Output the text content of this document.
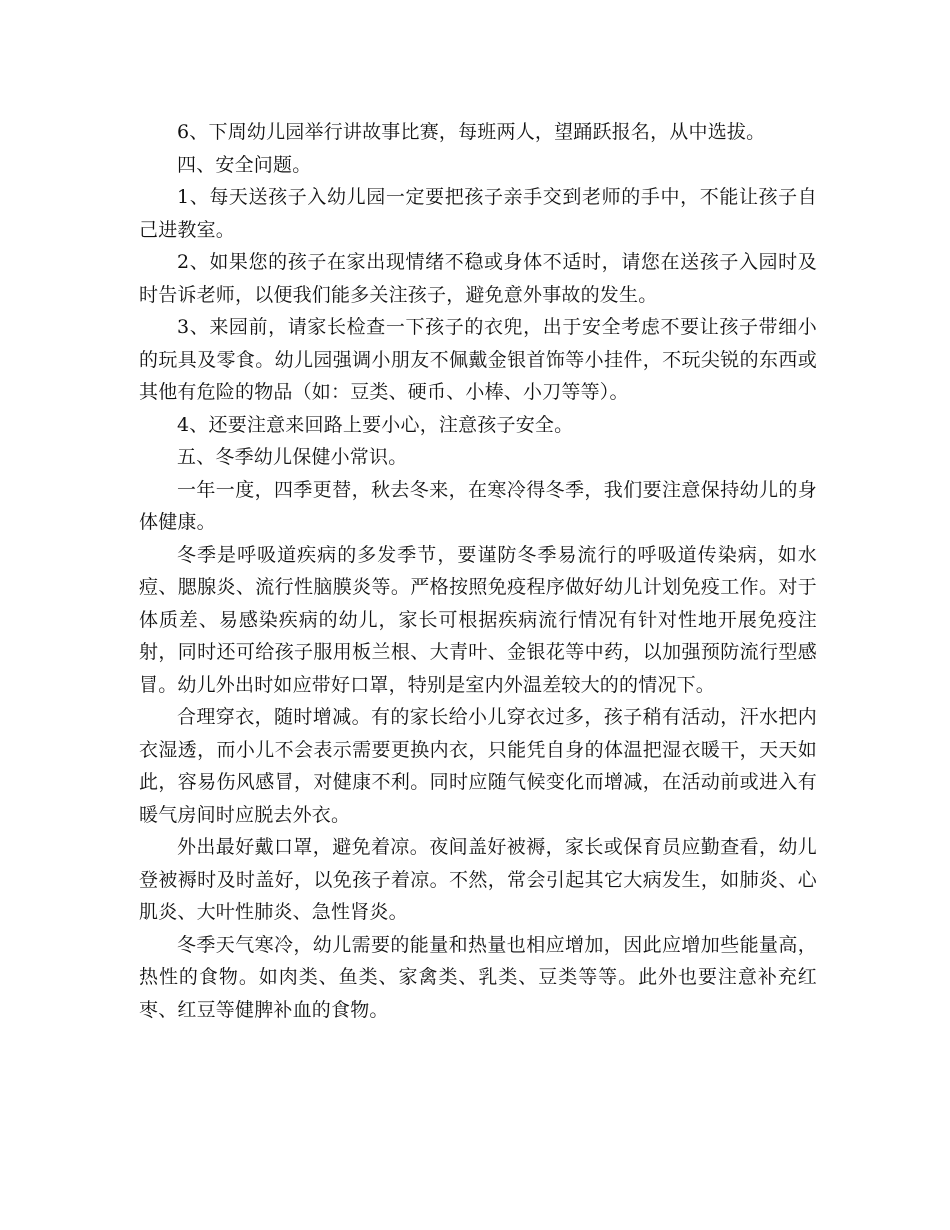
6、下周幼儿园举行讲故事比赛，每班两人，望踊跃报名，从中选拔。

四、安全问题。

1、每天送孩子入幼儿园一定要把孩子亲手交到老师的手中，不能让孩子自己进教室。

2、如果您的孩子在家出现情绪不稳或身体不适时，请您在送孩子入园时及时告诉老师，以便我们能多关注孩子，避免意外事故的发生。

3、来园前，请家长检查一下孩子的衣兜，出于安全考虑不要让孩子带细小的玩具及零食。幼儿园强调小朋友不佩戴金银首饰等小挂件，不玩尖锐的东西或其他有危险的物品（如：豆类、硬币、小棒、小刀等等）。

4、还要注意来回路上要小心，注意孩子安全。

五、冬季幼儿保健小常识。

一年一度，四季更替，秋去冬来，在寒冷得冬季，我们要注意保持幼儿的身体健康。

冬季是呼吸道疾病的多发季节，要谨防冬季易流行的呼吸道传染病，如水痘、腮腺炎、流行性脑膜炎等。严格按照免疫程序做好幼儿计划免疫工作。对于体质差、易感染疾病的幼儿，家长可根据疾病流行情况有针对性地开展免疫注射，同时还可给孩子服用板兰根、大青叶、金银花等中药，以加强预防流行型感冒。幼儿外出时如应带好口罩，特别是室内外温差较大的的情况下。

合理穿衣，随时增减。有的家长给小儿穿衣过多，孩子稍有活动，汗水把内衣湿透，而小儿不会表示需要更换内衣，只能凭自身的体温把湿衣暖干，天天如此，容易伤风感冒，对健康不利。同时应随气候变化而增减，在活动前或进入有暖气房间时应脱去外衣。

外出最好戴口罩，避免着凉。夜间盖好被褥，家长或保育员应勤查看，幼儿登被褥时及时盖好，以免孩子着凉。不然，常会引起其它大病发生，如肺炎、心肌炎、大叶性肺炎、急性肾炎。

冬季天气寒冷，幼儿需要的能量和热量也相应增加，因此应增加些能量高，热性的食物。如肉类、鱼类、家禽类、乳类、豆类等等。此外也要注意补充红枣、红豆等健脾补血的食物。
